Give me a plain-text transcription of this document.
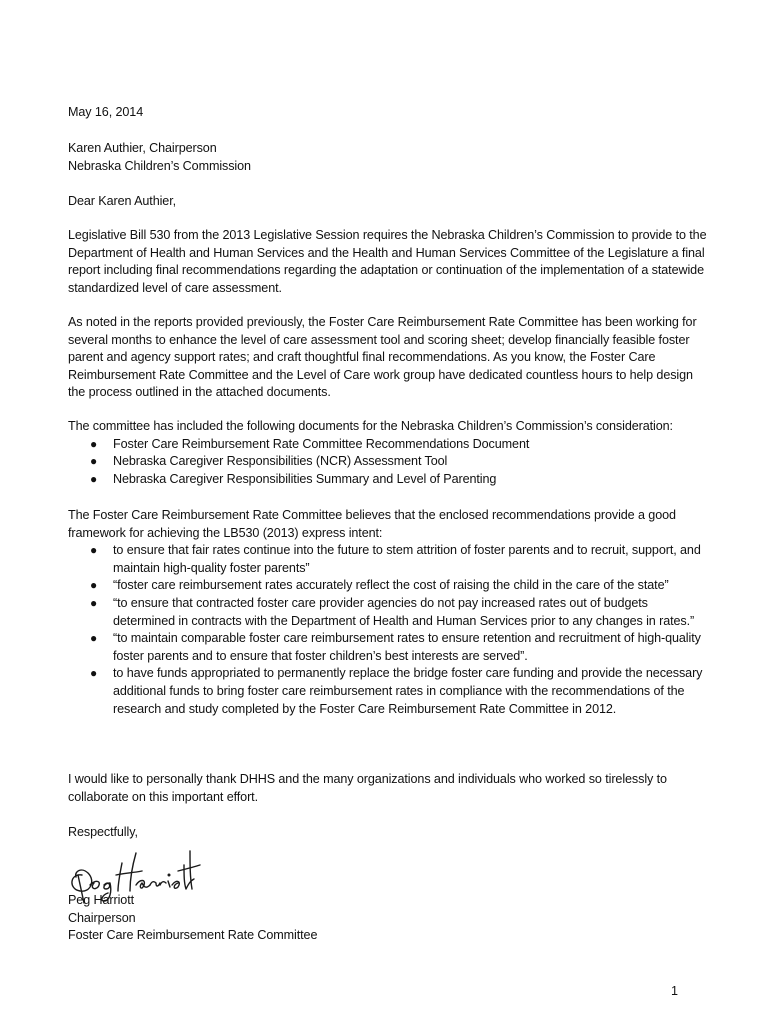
May 16, 2014

Karen Authier, Chairperson
Nebraska Children’s Commission

Dear Karen Authier,

Legislative Bill 530 from the 2013 Legislative Session requires the Nebraska Children’s Commission to provide to the Department of Health and Human Services and the Health and Human Services Committee of the Legislature a final report including final recommendations regarding the adaptation or continuation of the implementation of a statewide standardized level of care assessment.

As noted in the reports provided previously, the Foster Care Reimbursement Rate Committee has been working for several months to enhance the level of care assessment tool and scoring sheet; develop financially feasible foster parent and agency support rates; and craft thoughtful final recommendations. As you know, the Foster Care Reimbursement Rate Committee and the Level of Care work group have dedicated countless hours to help design the process outlined in the attached documents.

The committee has included the following documents for the Nebraska Children’s Commission’s consideration:
● Foster Care Reimbursement Rate Committee Recommendations Document
● Nebraska Caregiver Responsibilities (NCR) Assessment Tool
● Nebraska Caregiver Responsibilities Summary and Level of Parenting
The Foster Care Reimbursement Rate Committee believes that the enclosed recommendations provide a good framework for achieving the LB530 (2013) express intent:
● to ensure that fair rates continue into the future to stem attrition of foster parents and to recruit, support, and maintain high-quality foster parents”
● “foster care reimbursement rates accurately reflect the cost of raising the child in the care of the state”
● “to ensure that contracted foster care provider agencies do not pay increased rates out of budgets determined in contracts with the Department of Health and Human Services prior to any changes in rates.”
● “to maintain comparable foster care reimbursement rates to ensure retention and recruitment of high-quality foster parents and to ensure that foster children’s best interests are served”.
● to have funds appropriated to permanently replace the bridge foster care funding and provide the necessary additional funds to bring foster care reimbursement rates in compliance with the recommendations of the research and study completed by the Foster Care Reimbursement Rate Committee in 2012.

I would like to personally thank DHHS and the many organizations and individuals who worked so tirelessly to collaborate on this important effort.

Respectfully,

Peg Harriott
Chairperson
Foster Care Reimbursement Rate Committee
1
